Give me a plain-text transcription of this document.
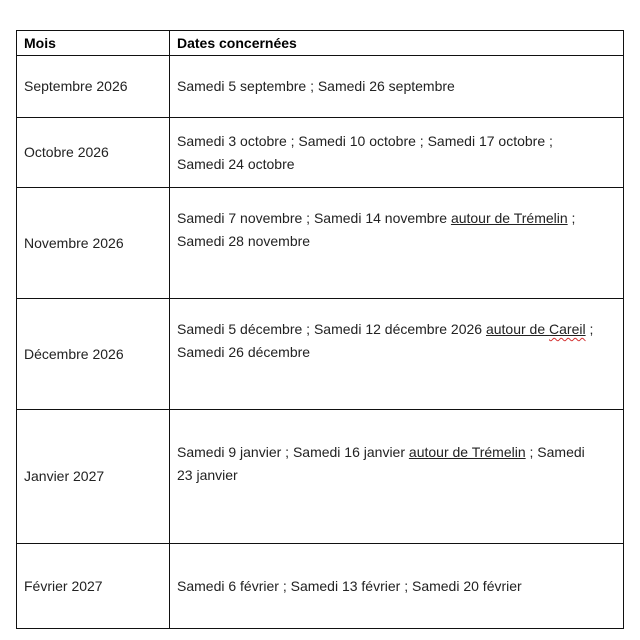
Mois	Dates concernées
Septembre 2026	Samedi 5 septembre ; Samedi 26 septembre
Octobre 2026	Samedi 3 octobre ; Samedi 10 octobre ; Samedi 17 octobre ;
Samedi 24 octobre
Novembre 2026	Samedi 7 novembre ; Samedi 14 novembre autour de Trémelin ;
Samedi 28 novembre
Décembre 2026	Samedi 5 décembre ; Samedi 12 décembre 2026 autour de Careil ;
Samedi 26 décembre
Janvier 2027	Samedi 9 janvier ; Samedi 16 janvier autour de Trémelin ; Samedi
23 janvier
Février 2027	Samedi 6 février ; Samedi 13 février ; Samedi 20 février
